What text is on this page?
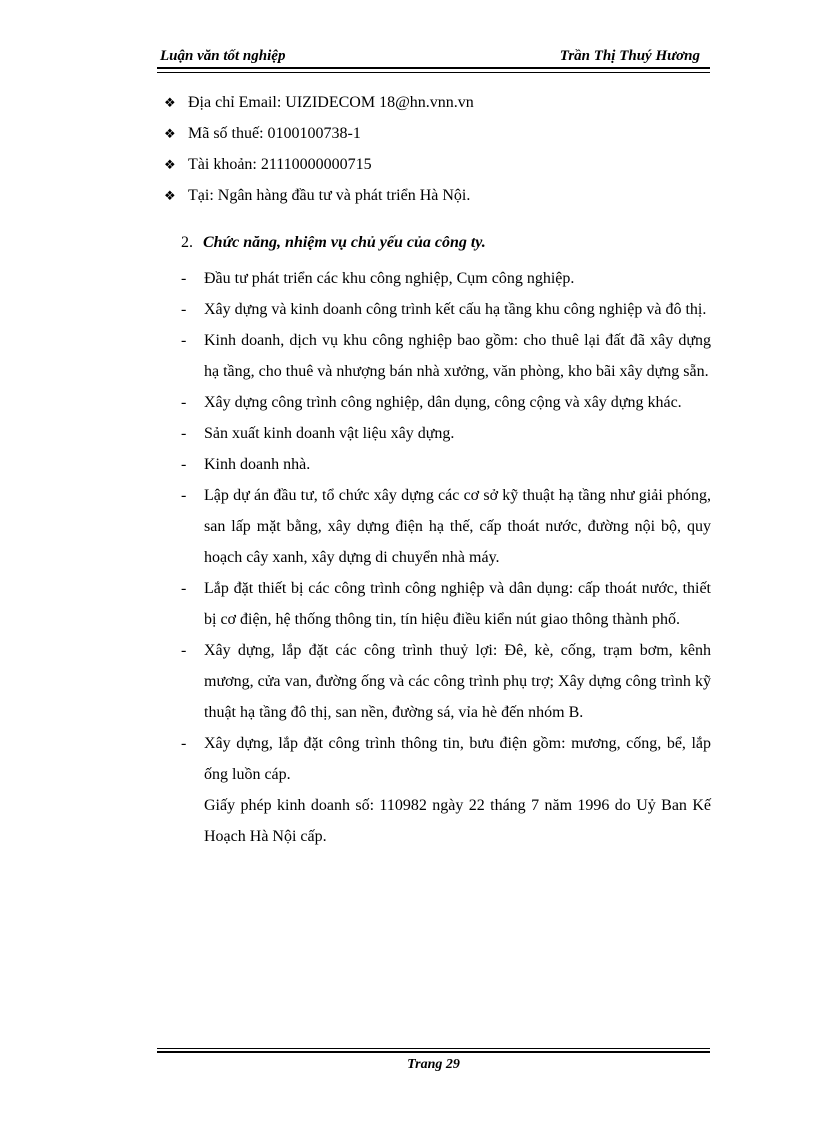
Luận văn tốt nghiệp	Trần Thị Thuý Hương
❖ Địa chỉ Email: UIZIDECOM 18@hn.vnn.vn
❖ Mã số thuế: 0100100738-1
❖ Tài khoản: 21110000000715
❖ Tại: Ngân hàng đầu tư và phát triển Hà Nội.
2. Chức năng, nhiệm vụ chủ yếu của công ty.
- Đầu tư phát triển các khu công nghiệp, Cụm công nghiệp.
- Xây dựng và kinh doanh công trình kết cấu hạ tầng khu công nghiệp và đô thị.
- Kinh doanh, dịch vụ khu công nghiệp bao gồm: cho thuê lại đất đã xây dựng hạ tầng, cho thuê và nhượng bán nhà xưởng, văn phòng, kho bãi xây dựng sẵn.
- Xây dựng công trình công nghiệp, dân dụng, công cộng và xây dựng khác.
- Sản xuất kinh doanh vật liệu xây dựng.
- Kinh doanh nhà.
- Lập dự án đầu tư, tổ chức xây dựng các cơ sở kỹ thuật hạ tầng như giải phóng, san lấp mặt bằng, xây dựng điện hạ thế, cấp thoát nước, đường nội bộ, quy hoạch cây xanh, xây dựng di chuyển nhà máy.
- Lắp đặt thiết bị các công trình công nghiệp và dân dụng: cấp thoát nước, thiết bị cơ điện, hệ thống thông tin, tín hiệu điều kiển nút giao thông thành phố.
- Xây dựng, lắp đặt các công trình thuỷ lợi: Đê, kè, cống, trạm bơm, kênh mương, cửa van, đường ống và các công trình phụ trợ; Xây dựng công trình kỹ thuật hạ tầng đô thị, san nền, đường sá, vỉa hè đến nhóm B.
- Xây dựng, lắp đặt công trình thông tin, bưu điện gồm: mương, cống, bể, lắp ống luồn cáp.
Giấy phép kinh doanh số: 110982 ngày 22 tháng 7 năm 1996 do Uỷ Ban Kế Hoạch Hà Nội cấp.
Trang 29
